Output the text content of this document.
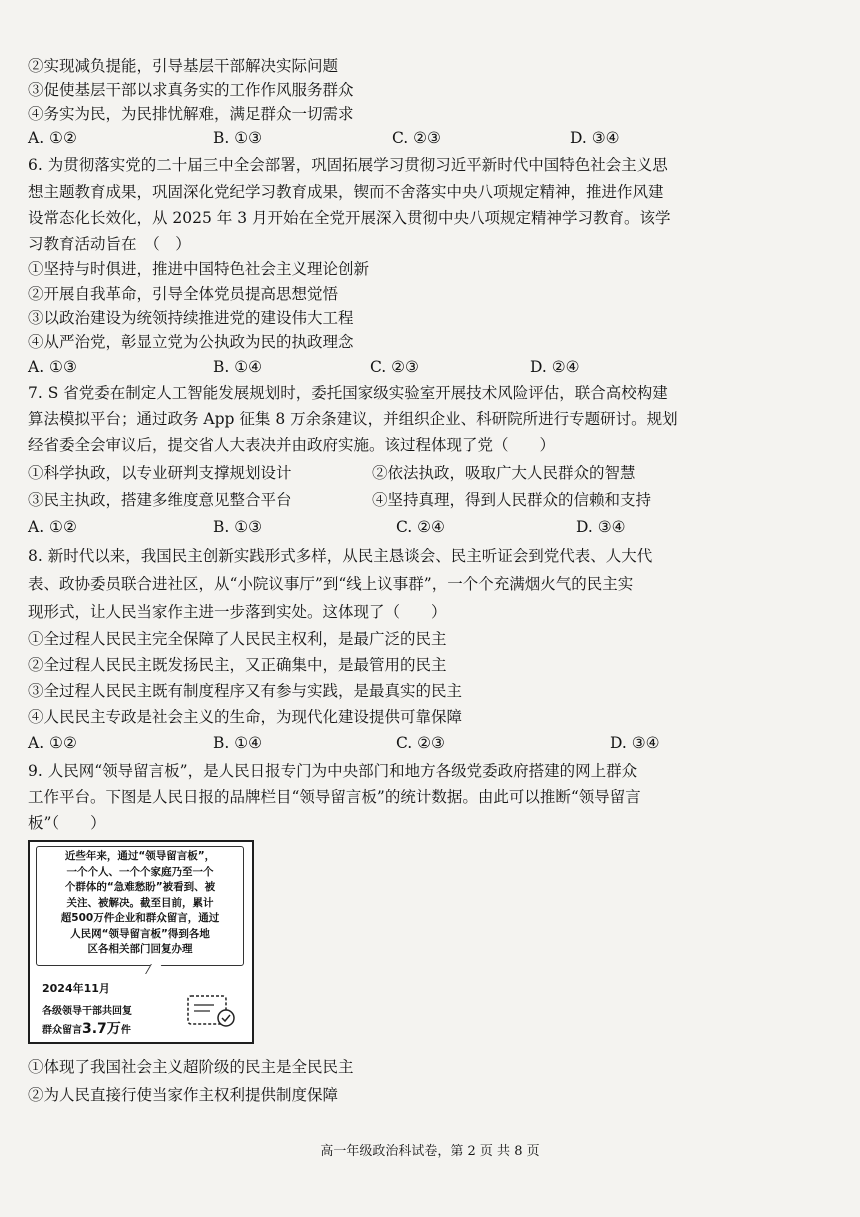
②实现减负提能，引导基层干部解决实际问题
③促使基层干部以求真务实的工作作风服务群众
④务实为民，为民排忧解难，满足群众一切需求
A. ①②	B. ①③	C. ②③	D. ③④
6. 为贯彻落实党的二十届三中全会部署，巩固拓展学习贯彻习近平新时代中国特色社会主义思
想主题教育成果，巩固深化党纪学习教育成果，锲而不舍落实中央八项规定精神，推进作风建
设常态化长效化，从 2025 年 3 月开始在全党开展深入贯彻中央八项规定精神学习教育。该学
习教育活动旨在　（　）
①坚持与时俱进，推进中国特色社会主义理论创新
②开展自我革命，引导全体党员提高思想觉悟
③以政治建设为统领持续推进党的建设伟大工程
④从严治党，彰显立党为公执政为民的执政理念
A. ①③	B. ①④	C. ②③	D. ②④
7. S 省党委在制定人工智能发展规划时，委托国家级实验室开展技术风险评估，联合高校构建
算法模拟平台；通过政务 App 征集 8 万余条建议，并组织企业、科研院所进行专题研讨。规划
经省委全会审议后，提交省人大表决并由政府实施。该过程体现了党（　　）
①科学执政，以专业研判支撑规划设计	②依法执政，吸取广大人民群众的智慧
③民主执政，搭建多维度意见整合平台	④坚持真理，得到人民群众的信赖和支持
A. ①②	B. ①③	C. ②④	D. ③④
8. 新时代以来，我国民主创新实践形式多样，从民主恳谈会、民主听证会到党代表、人大代
表、政协委员联合进社区，从“小院议事厅”到“线上议事群”，一个个充满烟火气的民主实
现形式，让人民当家作主进一步落到实处。这体现了（　　）
①全过程人民民主完全保障了人民民主权利，是最广泛的民主
②全过程人民民主既发扬民主，又正确集中，是最管用的民主
③全过程人民民主既有制度程序又有参与实践，是最真实的民主
④人民民主专政是社会主义的生命，为现代化建设提供可靠保障
A. ①②	B. ①④	C. ②③	D. ③④
9. 人民网“领导留言板”，是人民日报专门为中央部门和地方各级党委政府搭建的网上群众
工作平台。下图是人民日报的品牌栏目“领导留言板”的统计数据。由此可以推断“领导留言
板”（　　）
近些年来，通过“领导留言板”，
一个个人、一个个家庭乃至一个
个群体的“急难愁盼”被看到、被
关注、被解决。截至目前，累计
超500万件企业和群众留言，通过
人民网“领导留言板”得到各地
区各相关部门回复办理
2024年11月
各级领导干部共回复
群众留言3.7万件
①体现了我国社会主义超阶级的民主是全民民主
②为人民直接行使当家作主权利提供制度保障
高一年级政治科试卷，第 2 页 共 8 页
